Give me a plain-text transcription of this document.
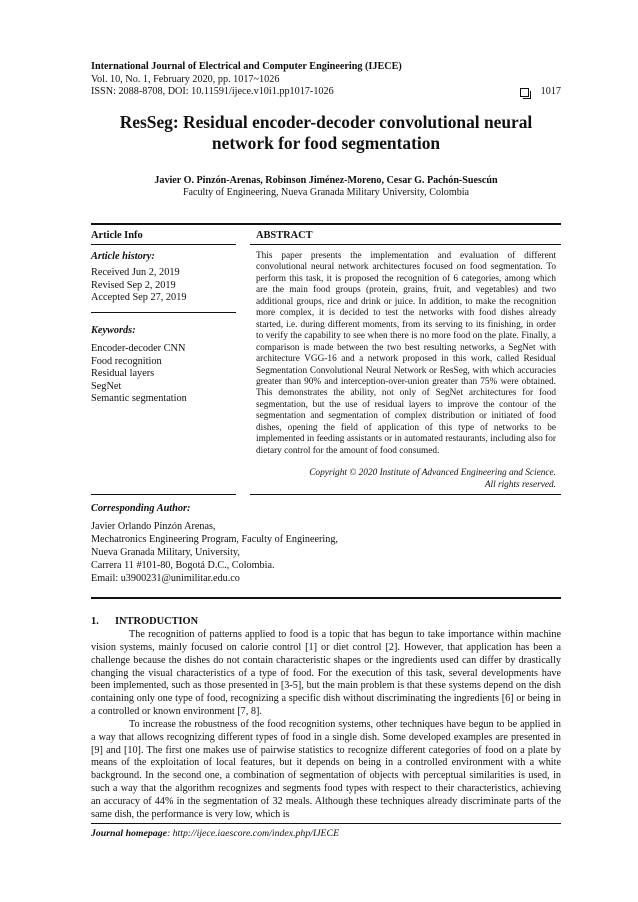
International Journal of Electrical and Computer Engineering (IJECE)
Vol. 10, No. 1, February 2020, pp. 1017~1026
ISSN: 2088-8708, DOI: 10.11591/ijece.v10i1.pp1017-1026	1017
ResSeg: Residual encoder-decoder convolutional neural
network for food segmentation
Javier O. Pinzón-Arenas, Robinson Jiménez-Moreno, Cesar G. Pachón-Suescún
Faculty of Engineering, Nueva Granada Military University, Colombia
Article Info	ABSTRACT
Article history:
Received Jun 2, 2019
Revised Sep 2, 2019
Accepted Sep 27, 2019
Keywords:
Encoder-decoder CNN
Food recognition
Residual layers
SegNet
Semantic segmentation
This paper presents the implementation and evaluation of different convolutional neural network architectures focused on food segmentation. To perform this task, it is proposed the recognition of 6 categories, among which are the main food groups (protein, grains, fruit, and vegetables) and two additional groups, rice and drink or juice. In addition, to make the recognition more complex, it is decided to test the networks with food dishes already started, i.e. during different moments, from its serving to its finishing, in order to verify the capability to see when there is no more food on the plate. Finally, a comparison is made between the two best resulting networks, a SegNet with architecture VGG-16 and a network proposed in this work, called Residual Segmentation Convolutional Neural Network or ResSeg, with which accuracies greater than 90% and interception-over-union greater than 75% were obtained. This demonstrates the ability, not only of SegNet architectures for food segmentation, but the use of residual layers to improve the contour of the segmentation and segmentation of complex distribution or initiated of food dishes, opening the field of application of this type of networks to be implemented in feeding assistants or in automated restaurants, including also for dietary control for the amount of food consumed.
Copyright © 2020 Institute of Advanced Engineering and Science.
All rights reserved.
Corresponding Author:
Javier Orlando Pinzón Arenas,
Mechatronics Engineering Program, Faculty of Engineering,
Nueva Granada Military, University,
Carrera 11 #101-80, Bogotá D.C., Colombia.
Email: u3900231@unimilitar.edu.co
1. INTRODUCTION

The recognition of patterns applied to food is a topic that has begun to take importance within machine vision systems, mainly focused on calorie control [1] or diet control [2]. However, that application has been a challenge because the dishes do not contain characteristic shapes or the ingredients used can differ by drastically changing the visual characteristics of a type of food. For the execution of this task, several developments have been implemented, such as those presented in [3-5], but the main problem is that these systems depend on the dish containing only one type of food, recognizing a specific dish without discriminating the ingredients [6] or being in a controlled or known environment [7, 8].

To increase the robustness of the food recognition systems, other techniques have begun to be applied in a way that allows recognizing different types of food in a single dish. Some developed examples are presented in [9] and [10]. The first one makes use of pairwise statistics to recognize different categories of food on a plate by means of the exploitation of local features, but it depends on being in a controlled environment with a white background. In the second one, a combination of segmentation of objects with perceptual similarities is used, in such a way that the algorithm recognizes and segments food types with respect to their characteristics, achieving an accuracy of 44% in the segmentation of 32 meals. Although these techniques already discriminate parts of the same dish, the performance is very low, which is

Journal homepage: http://ijece.iaescore.com/index.php/IJECE
